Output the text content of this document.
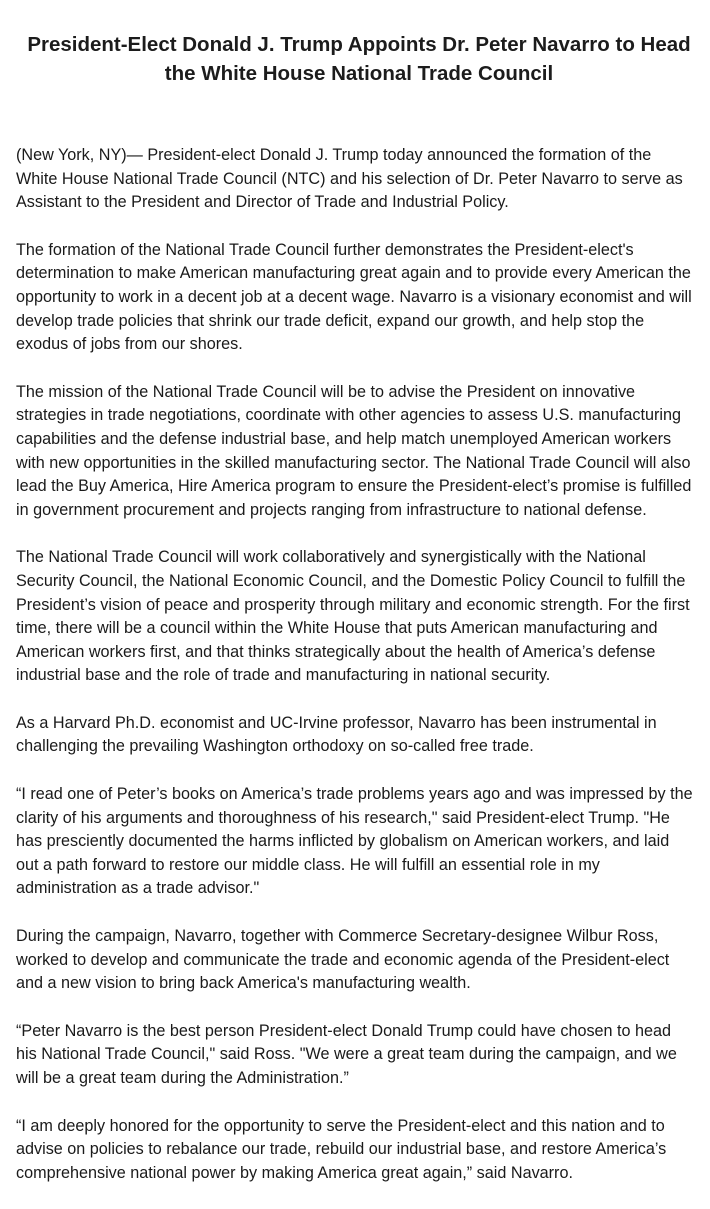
President-Elect Donald J. Trump Appoints Dr. Peter Navarro to Head the White House National Trade Council

(New York, NY)— President-elect Donald J. Trump today announced the formation of the White House National Trade Council (NTC) and his selection of Dr. Peter Navarro to serve as Assistant to the President and Director of Trade and Industrial Policy.

The formation of the National Trade Council further demonstrates the President-elect's determination to make American manufacturing great again and to provide every American the opportunity to work in a decent job at a decent wage. Navarro is a visionary economist and will develop trade policies that shrink our trade deficit, expand our growth, and help stop the exodus of jobs from our shores.

The mission of the National Trade Council will be to advise the President on innovative strategies in trade negotiations, coordinate with other agencies to assess U.S. manufacturing capabilities and the defense industrial base, and help match unemployed American workers with new opportunities in the skilled manufacturing sector. The National Trade Council will also lead the Buy America, Hire America program to ensure the President-elect’s promise is fulfilled in government procurement and projects ranging from infrastructure to national defense.

The National Trade Council will work collaboratively and synergistically with the National Security Council, the National Economic Council, and the Domestic Policy Council to fulfill the President’s vision of peace and prosperity through military and economic strength. For the first time, there will be a council within the White House that puts American manufacturing and American workers first, and that thinks strategically about the health of America’s defense industrial base and the role of trade and manufacturing in national security.

As a Harvard Ph.D. economist and UC-Irvine professor, Navarro has been instrumental in challenging the prevailing Washington orthodoxy on so-called free trade.

“I read one of Peter’s books on America’s trade problems years ago and was impressed by the clarity of his arguments and thoroughness of his research," said President-elect Trump. "He has presciently documented the harms inflicted by globalism on American workers, and laid out a path forward to restore our middle class. He will fulfill an essential role in my administration as a trade advisor."

During the campaign, Navarro, together with Commerce Secretary-designee Wilbur Ross, worked to develop and communicate the trade and economic agenda of the President-elect and a new vision to bring back America's manufacturing wealth.

“Peter Navarro is the best person President-elect Donald Trump could have chosen to head his National Trade Council," said Ross. "We were a great team during the campaign, and we will be a great team during the Administration.”

“I am deeply honored for the opportunity to serve the President-elect and this nation and to advise on policies to rebalance our trade, rebuild our industrial base, and restore America’s comprehensive national power by making America great again,” said Navarro.
